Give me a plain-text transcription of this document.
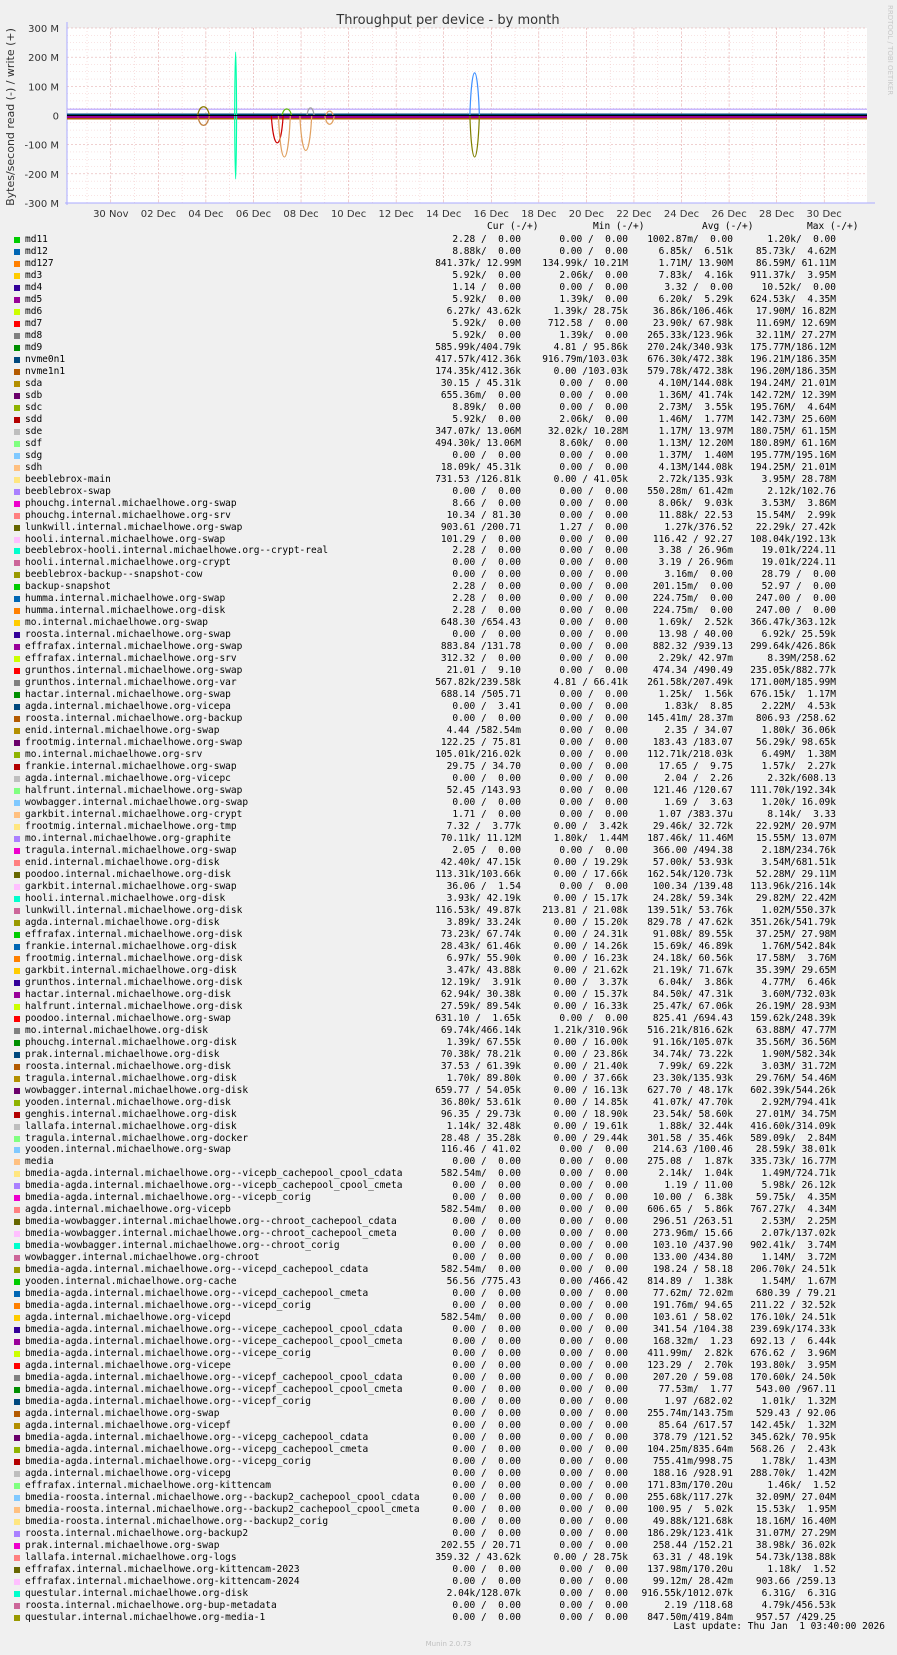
Throughput per device - by month
Bytes/second read (-) / write (+)	RRDTOOL / TOBI OETIKER
300 M
200 M
100 M
0
-100 M
-200 M
-300 M
30 Nov 02 Dec 04 Dec 06 Dec 08 Dec 10 Dec 12 Dec 14 Dec 16 Dec 18 Dec 20 Dec 22 Dec 24 Dec 26 Dec 28 Dec 30 Dec
md11	2.28 /  0.00	0.00 /  0.00 1002.87m/  0.00	1.20k/  0.00
md12	8.88k/  0.00	0.00 /  0.00	6.85k/  6.51k 85.73k/  4.62M
md127	841.37k/ 12.99M 134.99k/ 10.21M	1.71M/ 13.90M 86.59M/ 61.11M
md3	5.92k/  0.00	2.06k/  0.00	7.83k/  4.16k 911.37k/  3.95M
md4	1.14 /  0.00	0.00 /  0.00	3.32 /  0.00	10.52k/  0.00
md5	5.92k/  0.00	1.39k/  0.00	6.20k/  5.29k 624.53k/  4.35M
md6	6.27k/ 43.62k	1.39k/ 28.75k	36.86k/106.46k 17.90M/ 16.82M
md7	5.92k/  0.00	712.58 /  0.00	23.90k/ 67.98k 11.69M/ 12.69M
md8	5.92k/  0.00	1.39k/  0.00 265.33k/123.96k 32.11M/ 27.27M
md9	585.99k/404.79k	4.81 / 95.86k 270.24k/340.93k 175.77M/186.12M
nvme0n1	417.57k/412.36k 916.79m/103.03k 676.30k/472.38k 196.21M/186.35M
nvme1n1	174.35k/412.36k	0.00 /103.03k 579.78k/472.38k 196.20M/186.35M
sda	30.15 / 45.31k	0.00 /  0.00	4.10M/144.08k 194.24M/ 21.01M
sdb	655.36m/  0.00	0.00 /  0.00	1.36M/ 41.74k 142.72M/ 12.39M
sdc	8.89k/  0.00	0.00 /  0.00	2.73M/  3.55k 195.76M/  4.64M
sdd	5.92k/  0.00	2.06k/  0.00	1.46M/  1.77M 142.73M/ 25.60M
sde	347.07k/ 13.06M	32.02k/ 10.28M	1.17M/ 13.97M 180.75M/ 61.15M
sdf	494.30k/ 13.06M	8.60k/  0.00	1.13M/ 12.20M 180.89M/ 61.16M
sdg	0.00 /  0.00	0.00 /  0.00	1.37M/  1.40M 195.77M/195.16M
sdh	18.09k/ 45.31k	0.00 /  0.00	4.13M/144.08k 194.25M/ 21.01M
beeblebrox-main	731.53 /126.81k	0.00 / 41.05k	2.72k/135.93k	3.95M/ 28.78M
beeblebrox-swap	0.00 /  0.00	0.00 /  0.00 550.28m/ 61.42m	2.12k/102.76
phouchg.internal.michaelhowe.org-swap	8.66 /  0.00	0.00 /  0.00	8.06k/  9.03k	3.53M/  3.86M
phouchg.internal.michaelhowe.org-srv	10.34 / 81.30	0.00 /  0.00	11.88k/ 22.53 15.54M/  2.99k
lunkwill.internal.michaelhowe.org-swap	903.61 /200.71	1.27 /  0.00	1.27k/376.52 22.29k/ 27.42k
hooli.internal.michaelhowe.org-swap	101.29 /  0.00	0.00 /  0.00	116.42 / 92.27 108.04k/192.13k
beeblebrox-hooli.internal.michaelhowe.org--crypt-real	2.28 /  0.00	0.00 /  0.00	3.38 / 26.96m	19.01k/224.11
hooli.internal.michaelhowe.org-crypt	0.00 /  0.00	0.00 /  0.00	3.19 / 26.96m	19.01k/224.11
beeblebrox-backup--snapshot-cow	0.00 /  0.00	0.00 /  0.00	3.16m/  0.00	28.79 /  0.00
backup-snapshot	2.28 /  0.00	0.00 /  0.00	201.15m/  0.00	52.97 /  0.00
humma.internal.michaelhowe.org-swap	2.28 /  0.00	0.00 /  0.00	224.75m/  0.00 247.00 /  0.00
humma.internal.michaelhowe.org-disk	2.28 /  0.00	0.00 /  0.00	224.75m/  0.00 247.00 /  0.00
mo.internal.michaelhowe.org-swap	648.30 /654.43	0.00 /  0.00	1.69k/  2.52k 366.47k/363.12k
roosta.internal.michaelhowe.org-swap	0.00 /  0.00	0.00 /  0.00	13.98 / 40.00	6.92k/ 25.59k
effrafax.internal.michaelhowe.org-swap	883.84 /131.78	0.00 /  0.00	882.32 /939.13 299.64k/426.86k
effrafax.internal.michaelhowe.org-srv	312.32 /  0.00	0.00 /  0.00	2.29k/ 42.97m	8.39M/258.62
grunthos.internal.michaelhowe.org-swap	21.01 /  9.10	0.00 /  0.00	474.34 /490.49 235.05k/882.77k
grunthos.internal.michaelhowe.org-var	567.82k/239.58k	4.81 / 66.41k 261.58k/207.49k 171.00M/185.99M
hactar.internal.michaelhowe.org-swap	688.14 /505.71	0.00 /  0.00	1.25k/  1.56k 676.15k/  1.17M
agda.internal.michaelhowe.org-vicepa	0.00 /  3.41	0.00 /  0.00	1.83k/  8.85	2.22M/  4.53k
roosta.internal.michaelhowe.org-backup	0.00 /  0.00	0.00 /  0.00 145.41m/ 28.37m 806.93 /258.62
enid.internal.michaelhowe.org-swap	4.44 /582.54m	0.00 /  0.00	2.35 / 34.07	1.80k/ 36.06k
frootmig.internal.michaelhowe.org-swap	122.25 / 75.81	0.00 /  0.00	183.43 /183.07 56.29k/ 98.65k
mo.internal.michaelhowe.org-srv	105.01k/216.02k	0.00 /  0.00 112.71k/218.03k	6.49M/  1.38M
frankie.internal.michaelhowe.org-swap	29.75 / 34.70	0.00 /  0.00	17.65 /  9.75	1.57k/  2.27k
agda.internal.michaelhowe.org-vicepc	0.00 /  0.00	0.00 /  0.00	2.04 /  2.26	2.32k/608.13
halfrunt.internal.michaelhowe.org-swap	52.45 /143.93	0.00 /  0.00	121.46 /120.67 111.70k/192.34k
wowbagger.internal.michaelhowe.org-swap	0.00 /  0.00	0.00 /  0.00	1.69 /  3.63	1.20k/ 16.09k
garkbit.internal.michaelhowe.org-crypt	1.71 /  0.00	0.00 /  0.00	1.07 /383.37u	8.14k/  3.33
frootmig.internal.michaelhowe.org-tmp	7.32 /  3.77k	0.00 /  3.42k	29.46k/ 32.72k 22.92M/ 20.97M
mo.internal.michaelhowe.org-graphite	70.11k/ 11.12M	1.80k/  1.44M 187.46k/ 11.46M 15.55M/ 13.07M
tragula.internal.michaelhowe.org-swap	2.05 /  0.00	0.00 /  0.00	366.00 /494.38	2.18M/234.76k
enid.internal.michaelhowe.org-disk	42.40k/ 47.15k	0.00 / 19.29k	57.00k/ 53.93k	3.54M/681.51k
poodoo.internal.michaelhowe.org-disk	113.31k/103.66k	0.00 / 17.66k 162.54k/120.73k 52.28M/ 29.11M
garkbit.internal.michaelhowe.org-swap	36.06 /  1.54	0.00 /  0.00	100.34 /139.48 113.96k/216.14k
hooli.internal.michaelhowe.org-disk	3.93k/ 42.19k	0.00 / 15.17k	24.28k/ 59.34k 29.82M/ 22.42M
lunkwill.internal.michaelhowe.org-disk	116.53k/ 49.87k 213.81 / 21.08k 139.51k/ 53.76k	1.02M/550.37k
agda.internal.michaelhowe.org-disk	3.89k/ 33.24k	0.00 / 15.20k 829.78 / 47.62k 351.26k/541.79k
effrafax.internal.michaelhowe.org-disk	73.23k/ 67.74k	0.00 / 24.31k	91.08k/ 89.55k 37.25M/ 27.98M
frankie.internal.michaelhowe.org-disk	28.43k/ 61.46k	0.00 / 14.26k	15.69k/ 46.89k	1.76M/542.84k
frootmig.internal.michaelhowe.org-disk	6.97k/ 55.90k	0.00 / 16.23k	24.18k/ 60.56k 17.58M/  3.76M
garkbit.internal.michaelhowe.org-disk	3.47k/ 43.88k	0.00 / 21.62k	21.19k/ 71.67k 35.39M/ 29.65M
grunthos.internal.michaelhowe.org-disk	12.19k/  3.91k	0.00 /  3.37k	6.04k/  3.86k	4.77M/  6.46k
hactar.internal.michaelhowe.org-disk	62.94k/ 30.38k	0.00 / 15.37k	84.50k/ 47.31k	3.60M/732.03k
halfrunt.internal.michaelhowe.org-disk	27.59k/ 89.54k	0.00 / 16.33k	25.47k/ 67.06k 26.19M/ 28.93M
poodoo.internal.michaelhowe.org-swap	631.10 /  1.65k	0.00 /  0.00	825.41 /694.43 159.62k/248.39k
mo.internal.michaelhowe.org-disk	69.74k/466.14k	1.21k/310.96k 516.21k/816.62k 63.88M/ 47.77M
phouchg.internal.michaelhowe.org-disk	1.39k/ 67.55k	0.00 / 16.00k	91.16k/105.07k 35.56M/ 36.56M
prak.internal.michaelhowe.org-disk	70.38k/ 78.21k	0.00 / 23.86k	34.74k/ 73.22k	1.90M/582.34k
roosta.internal.michaelhowe.org-disk	37.53 / 61.39k	0.00 / 21.40k	7.99k/ 69.22k	3.03M/ 31.72M
tragula.internal.michaelhowe.org-disk	1.70k/ 89.80k	0.00 / 37.66k	23.30k/135.93k 29.76M/ 54.46M
wowbagger.internal.michaelhowe.org-disk	659.77 / 54.05k	0.00 / 16.13k 627.70 / 48.17k 602.39k/544.26k
yooden.internal.michaelhowe.org-disk	36.80k/ 53.61k	0.00 / 14.85k	41.07k/ 47.70k	2.92M/794.41k
genghis.internal.michaelhowe.org-disk	96.35 / 29.73k	0.00 / 18.90k	23.54k/ 58.60k 27.01M/ 34.75M
lallafa.internal.michaelhowe.org-disk	1.14k/ 32.48k	0.00 / 19.61k	1.88k/ 32.44k 416.60k/314.09k
tragula.internal.michaelhowe.org-docker	28.48 / 35.28k	0.00 / 29.44k 301.58 / 35.46k 589.09k/  2.84M
yooden.internal.michaelhowe.org-swap	116.46 / 41.02	0.00 /  0.00	214.63 /100.46 28.59k/ 38.01k
media	0.00 /  0.00	0.00 /  0.00 275.08 /  1.87k 335.73k/ 16.77M
bmedia-agda.internal.michaelhowe.org--vicepb_cachepool_cpool_cdata	582.54m/  0.00	0.00 /  0.00	2.14k/  1.04k	1.49M/724.71k
bmedia-agda.internal.michaelhowe.org--vicepb_cachepool_cpool_cmeta	0.00 /  0.00	0.00 /  0.00	1.19 / 11.00	5.98k/ 26.12k
bmedia-agda.internal.michaelhowe.org--vicepb_corig	0.00 /  0.00	0.00 /  0.00	10.00 /  6.38k 59.75k/  4.35M
agda.internal.michaelhowe.org-vicepb	582.54m/  0.00	0.00 /  0.00 606.65 /  5.86k 767.27k/  4.34M
bmedia-wowbagger.internal.michaelhowe.org--chroot_cachepool_cdata	0.00 /  0.00	0.00 /  0.00	296.51 /263.51	2.53M/  2.25M
bmedia-wowbagger.internal.michaelhowe.org--chroot_cachepool_cmeta	0.00 /  0.00	0.00 /  0.00	273.96m/ 15.66	2.07k/137.02k
bmedia-wowbagger.internal.michaelhowe.org--chroot_corig	0.00 /  0.00	0.00 /  0.00	103.10 /437.90 902.41k/  3.74M
wowbagger.internal.michaelhowe.org-chroot	0.00 /  0.00	0.00 /  0.00	133.00 /434.80	1.14M/  3.72M
bmedia-agda.internal.michaelhowe.org--vicepd_cachepool_cdata	582.54m/  0.00	0.00 /  0.00	198.24 / 58.18 206.70k/ 24.51k
yooden.internal.michaelhowe.org-cache	56.56 /775.43	0.00 /466.42 814.89 /  1.38k	1.54M/  1.67M
bmedia-agda.internal.michaelhowe.org--vicepd_cachepool_cmeta	0.00 /  0.00	0.00 /  0.00	77.62m/ 72.02m 680.39 / 79.21
bmedia-agda.internal.michaelhowe.org--vicepd_corig	0.00 /  0.00	0.00 /  0.00	191.76m/ 94.65 211.22 / 32.52k
agda.internal.michaelhowe.org-vicepd	582.54m/  0.00	0.00 /  0.00	103.61 / 58.02 176.10k/ 24.51k
bmedia-agda.internal.michaelhowe.org--vicepe_cachepool_cpool_cdata	0.00 /  0.00	0.00 /  0.00	341.54 /104.38 239.69k/174.33k
bmedia-agda.internal.michaelhowe.org--vicepe_cachepool_cpool_cmeta	0.00 /  0.00	0.00 /  0.00	168.32m/  1.23 692.13 /  6.44k
bmedia-agda.internal.michaelhowe.org--vicepe_corig	0.00 /  0.00	0.00 /  0.00 411.99m/  2.82k 676.62 /  3.96M
agda.internal.michaelhowe.org-vicepe	0.00 /  0.00	0.00 /  0.00 123.29 /  2.70k 193.80k/  3.95M
bmedia-agda.internal.michaelhowe.org--vicepf_cachepool_cpool_cdata	0.00 /  0.00	0.00 /  0.00	207.20 / 59.08 170.60k/ 24.50k
bmedia-agda.internal.michaelhowe.org--vicepf_cachepool_cpool_cmeta	0.00 /  0.00	0.00 /  0.00	77.53m/  1.77 543.00 /967.11
bmedia-agda.internal.michaelhowe.org--vicepf_corig	0.00 /  0.00	0.00 /  0.00	1.97 /682.02	1.01k/  1.32M
agda.internal.michaelhowe.org-swap	0.00 /  0.00	0.00 /  0.00 255.74m/143.75m 529.43 / 92.06
agda.internal.michaelhowe.org-vicepf	0.00 /  0.00	0.00 /  0.00	85.64 /617.57 142.45k/  1.32M
bmedia-agda.internal.michaelhowe.org--vicepg_cachepool_cdata	0.00 /  0.00	0.00 /  0.00	378.79 /121.52 345.62k/ 70.95k
bmedia-agda.internal.michaelhowe.org--vicepg_cachepool_cmeta	0.00 /  0.00	0.00 /  0.00 104.25m/835.64m 568.26 /  2.43k
bmedia-agda.internal.michaelhowe.org--vicepg_corig	0.00 /  0.00	0.00 /  0.00	755.41m/998.75	1.78k/  1.43M
agda.internal.michaelhowe.org-vicepg	0.00 /  0.00	0.00 /  0.00	188.16 /928.91 288.70k/  1.42M
effrafax.internal.michaelhowe.org-kittencam	0.00 /  0.00	0.00 /  0.00 171.83m/170.20u	1.46k/  1.52
bmedia-roosta.internal.michaelhowe.org--backup2_cachepool_cpool_cdata	0.00 /  0.00	0.00 /  0.00 255.68k/117.27k 32.09M/ 27.04M
bmedia-roosta.internal.michaelhowe.org--backup2_cachepool_cpool_cmeta	0.00 /  0.00	0.00 /  0.00 100.95 /  5.02k 15.53k/  1.95M
bmedia-roosta.internal.michaelhowe.org--backup2_corig	0.00 /  0.00	0.00 /  0.00	49.88k/121.68k 18.16M/ 16.40M
roosta.internal.michaelhowe.org-backup2	0.00 /  0.00	0.00 /  0.00 186.29k/123.41k 31.07M/ 27.29M
prak.internal.michaelhowe.org-swap	202.55 / 20.71	0.00 /  0.00	258.44 /152.21 38.98k/ 36.02k
lallafa.internal.michaelhowe.org-logs	359.32 / 43.62k	0.00 / 28.75k	63.31 / 48.19k 54.73k/138.88k
effrafax.internal.michaelhowe.org-kittencam-2023	0.00 /  0.00	0.00 /  0.00 137.98m/170.20u	1.18k/  1.52
effrafax.internal.michaelhowe.org-kittencam-2024	0.00 /  0.00	0.00 /  0.00	99.12m/ 28.42m 903.66 /259.13
questular.internal.michaelhowe.org-disk	2.04k/128.07k	0.00 /  0.00 916.55k/1012.07k	6.31G/  6.31G
roosta.internal.michaelhowe.org-bup-metadata	0.00 /  0.00	0.00 /  0.00	2.19 /118.68	4.79k/456.53k
questular.internal.michaelhowe.org-media-1	0.00 /  0.00	0.00 /  0.00 847.50m/419.84m 957.57 /429.25
Cur (-/+)	Min (-/+)	Avg (-/+)	Max (-/+)
Last update: Thu Jan  1 03:40:00 2026
Munin 2.0.73
